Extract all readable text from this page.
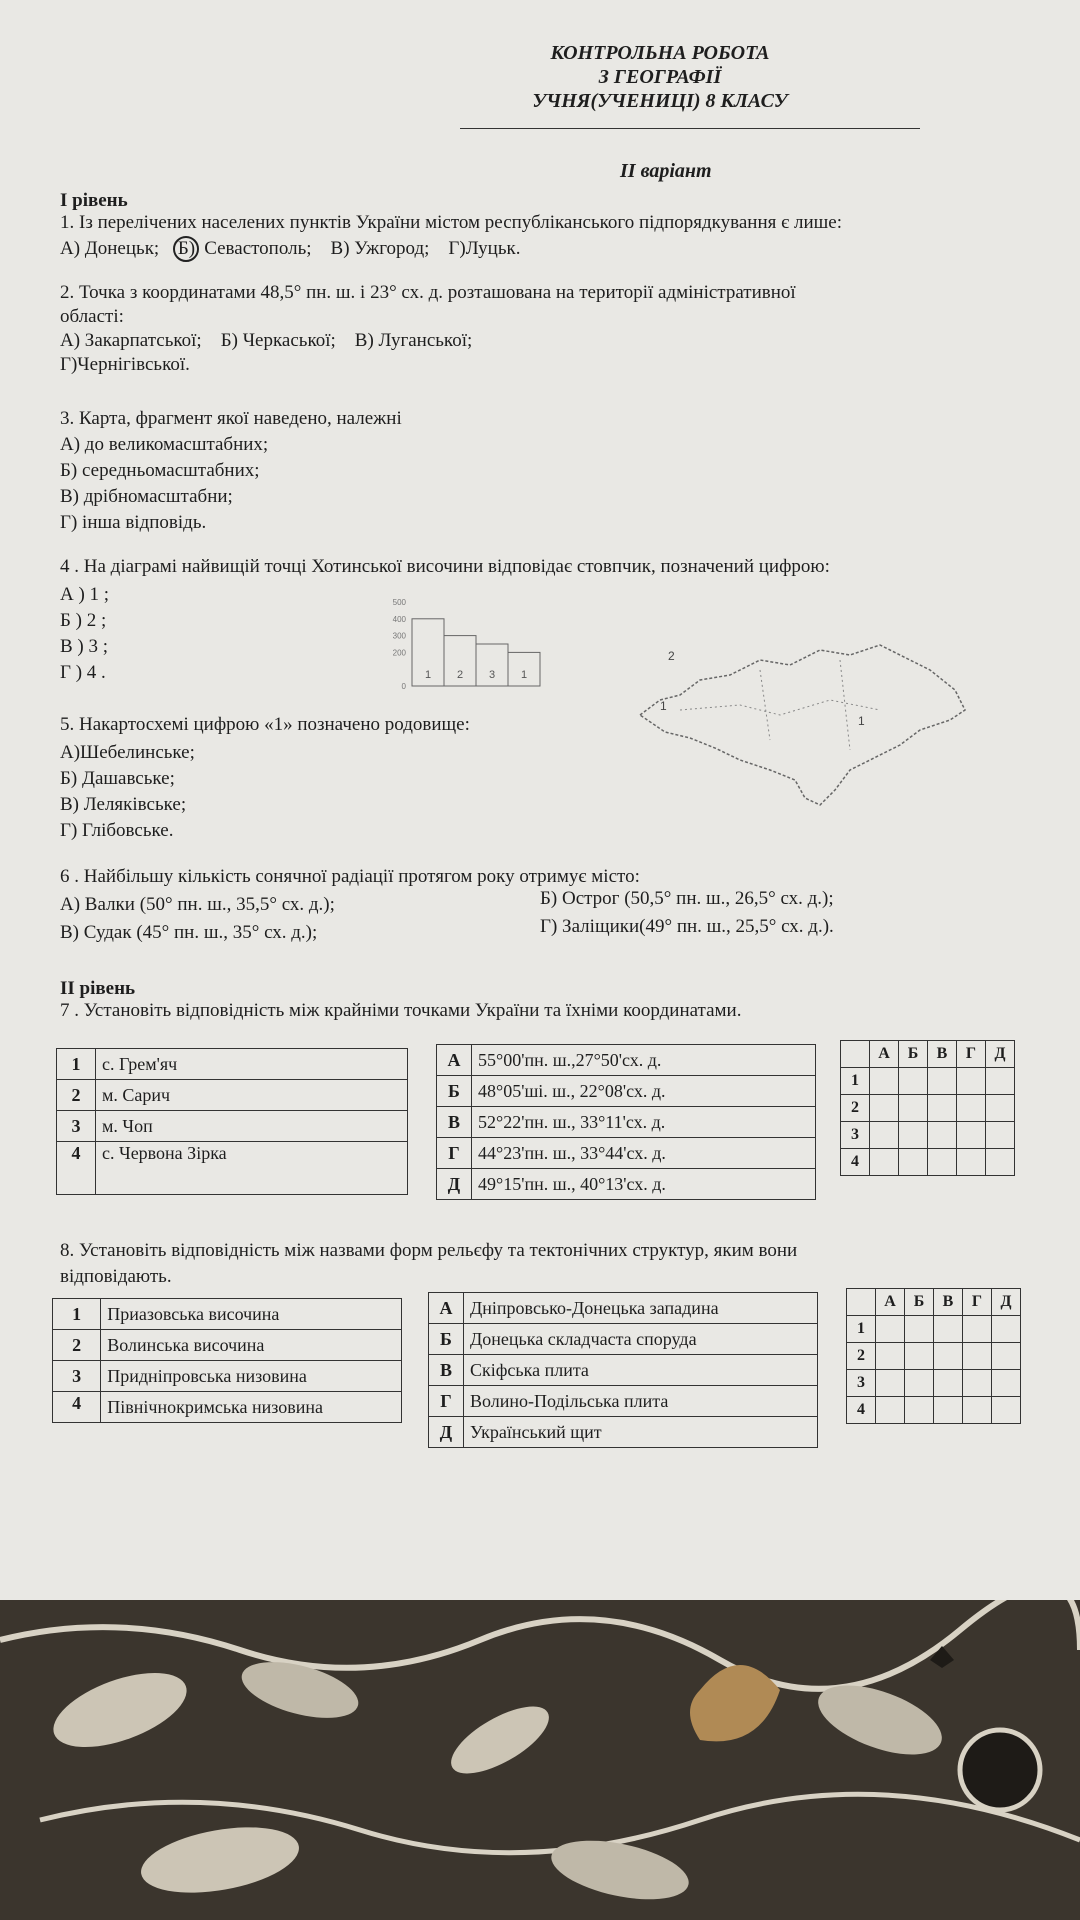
КОНТРОЛЬНА РОБОТА
З ГЕОГРАФІЇ
УЧНЯ(УЧЕНИЦІ) 8 КЛАСУ
ІІ варіант
І рівень
1. Із перелічених населених пунктів України містом республіканського підпорядкування є лише:
А) Донецьк; Б) Севастополь; В) Ужгород; Г)Луцьк.
2. Точка з координатами 48,5° пн. ш. і 23° сх. д. розташована на території адміністративної
області:
А) Закарпатської; Б) Черкаської; В) Луганської;
Г)Чернігівської.
3. Карта, фрагмент якої наведено, належні
А) до великомасштабних;
Б) середньомасштабних;
В) дрібномасштабни;
Г) інша відповідь.
4 . На діаграмі найвищій точці Хотинської височини відповідає стовпчик, позначений цифрою:
А ) 1 ;
Б ) 2 ;
В ) 3 ;
Г ) 4 .
500
400
300
200
0
1 2 3 1
1
2
1
5. Накартосхемі цифрою «1» позначено родовище:
А)Шебелинське;
Б) Дашавське;
В) Леляківське;
Г) Глібовське.
6 . Найбільшу кількість сонячної радіації протягом року отримує місто:
А) Валки (50° пн. ш., 35,5° сх. д.);	Б) Острог (50,5° пн. ш., 26,5° сх. д.);
В) Судак (45° пн. ш., 35° сх. д.);	Г) Заліщики(49° пн. ш., 25,5° сх. д.).
ІІ рівень
7 . Установіть відповідність між крайніми точками України та їхніми координатами.
1	с. Грем'яч
2	м. Сарич
3	м. Чоп
4	с. Червона Зірка
А	55°00'пн. ш.,27°50'сх. д.
Б	48°05'ші. ш., 22°08'сх. д.
В	52°22'пн. ш., 33°11'сх. д.
Г	44°23'пн. ш., 33°44'сх. д.
Д	49°15'пн. ш., 40°13'сх. д.
	А	Б	В	Г	Д
1					
2					
3					
4					
8. Установіть відповідність між назвами форм рельєфу та тектонічних структур, яким вони
відповідають.
1	Приазовська височина
2	Волинська височина
3	Придніпровська низовина
4	Північнокримська низовина
А	Дніпровсько-Донецька западина
Б	Донецька складчаста споруда
В	Скіфська плита
Г	Волино-Подільська плита
Д	Український щит
	А	Б	В	Г	Д
1					
2					
3					
4					
